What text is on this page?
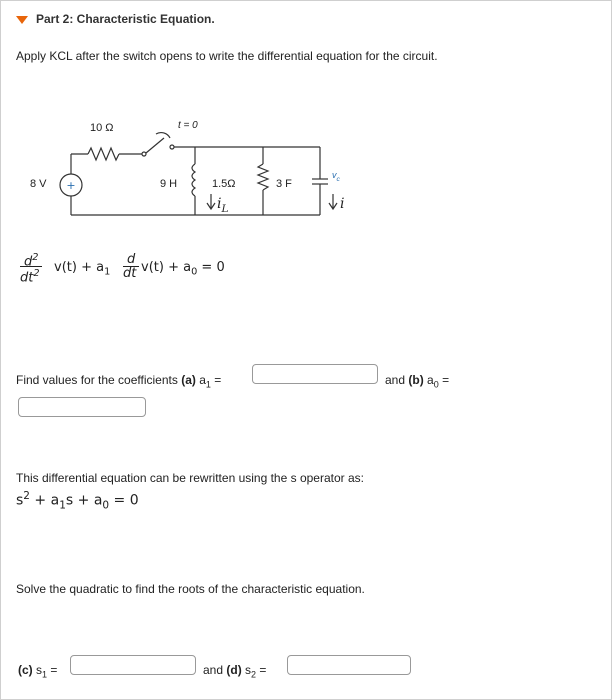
Part 2: Characteristic Equation.
Apply KCL after the switch opens to write the differential equation for the circuit.
+
10 Ω	t = 0
8 V	9 H	1.5Ω	3 F
$i_L$
$v_c$
i
$d^2$
$dt^2$ $v(t) + a_1$
d
dt $v(t) + a_0 = 0$
Find values for the coefficients (a) $a_1$ =	and (b) $a_0$ =
This differential equation can be rewritten using the s operator as:
$s^2 + a_1s + a_0 = 0$
Solve the quadratic to find the roots of the characteristic equation.
(c) $s_1$ =	and (d) $s_2$ =
